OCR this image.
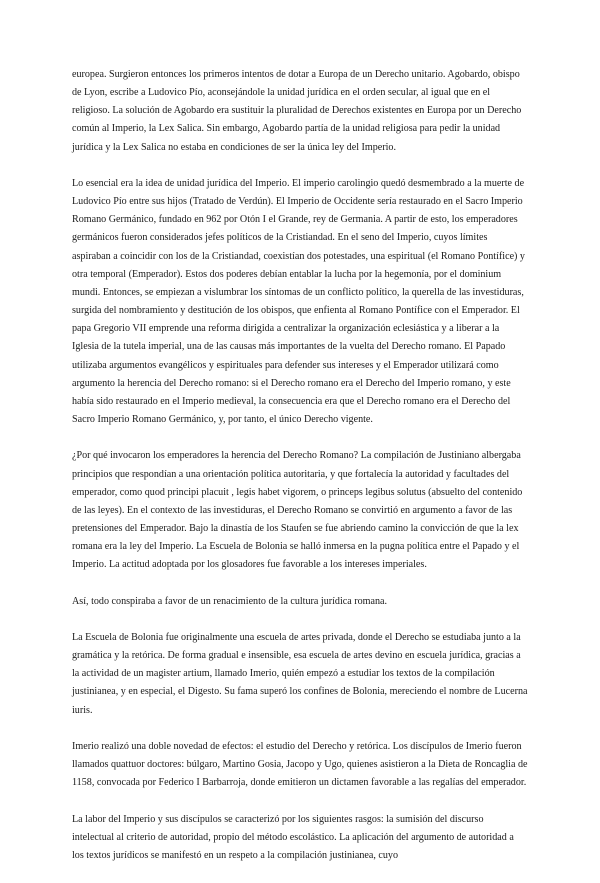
europea. Surgieron entonces los primeros intentos de dotar a Europa de un Derecho unitario. Agobardo, obispo de Lyon, escribe a Ludovico Pío, aconsejándole la unidad jurídica en el orden secular, al igual que en el religioso. La solución de Agobardo era sustituir la pluralidad de Derechos existentes en Europa por un Derecho común al Imperio, la Lex Salica. Sin embargo, Agobardo partía de la unidad religiosa para pedir la unidad jurídica y la Lex Salica no estaba en condiciones de ser la única ley del Imperio.

Lo esencial era la idea de unidad jurídica del Imperio. El imperio carolingio quedó desmembrado a la muerte de Ludovico Pío entre sus hijos (Tratado de Verdún). El Imperio de Occidente sería restaurado en el Sacro Imperio Romano Germánico, fundado en 962 por Otón I el Grande, rey de Germania. A partir de esto, los emperadores germánicos fueron considerados jefes políticos de la Cristiandad. En el seno del Imperio, cuyos límites aspiraban a coincidir con los de la Cristiandad, coexistían dos potestades, una espiritual (el Romano Pontífice) y otra temporal (Emperador). Estos dos poderes debían entablar la lucha por la hegemonía, por el dominium mundi. Entonces, se empiezan a vislumbrar los síntomas de un conflicto político, la querella de las investiduras, surgida del nombramiento y destitución de los obispos, que enfienta al Romano Pontífice con el Emperador. El papa Gregorio VII emprende una reforma dirigida a centralizar la organización eclesiástica y a liberar a la Iglesia de la tutela imperial, una de las causas más importantes de la vuelta del Derecho romano. El Papado utilizaba argumentos evangélicos y espirituales para defender sus intereses y el Emperador utilizará como argumento la herencia del Derecho romano: si el Derecho romano era el Derecho del Imperio romano, y este había sido restaurado en el Imperio medieval, la consecuencia era que el Derecho romano era el Derecho del Sacro Imperio Romano Germánico, y, por tanto, el único Derecho vigente.

¿Por qué invocaron los emperadores la herencia del Derecho Romano? La compilación de Justiniano albergaba principios que respondían a una orientación política autoritaria, y que fortalecía la autoridad y facultades del emperador, como quod principi placuit , legis habet vigorem, o princeps legibus solutus (absuelto del contenido de las leyes). En el contexto de las investiduras, el Derecho Romano se convirtió en argumento a favor de las pretensiones del Emperador. Bajo la dinastía de los Staufen se fue abriendo camino la convicción de que la lex romana era la ley del Imperio. La Escuela de Bolonia se halló inmersa en la pugna política entre el Papado y el Imperio. La actitud adoptada por los glosadores fue favorable a los intereses imperiales.

Así, todo conspiraba a favor de un renacimiento de la cultura jurídica romana.

La Escuela de Bolonia fue originalmente una escuela de artes privada, donde el Derecho se estudiaba junto a la gramática y la retórica. De forma gradual e insensible, esa escuela de artes devino en escuela jurídica, gracias a la actividad de un magister artium, llamado Imerio, quién empezó a estudiar los textos de la compilación justinianea, y en especial, el Digesto. Su fama superó los confines de Bolonia, mereciendo el nombre de Lucerna iuris.

Imerio realizó una doble novedad de efectos: el estudio del Derecho y retórica. Los discípulos de Imerio fueron llamados quattuor doctores: búlgaro, Martino Gosia, Jacopo y Ugo, quienes asistieron a la Dieta de Roncaglia de 1158, convocada por Federico I Barbarroja, donde emitieron un dictamen favorable a las regalías del emperador.

La labor del Imperio y sus discípulos se caracterizó por los siguientes rasgos: la sumisión del discurso intelectual al criterio de autoridad, propio del método escolástico. La aplicación del argumento de autoridad a los textos jurídicos se manifestó en un respeto a la compilación justinianea, cuyo
